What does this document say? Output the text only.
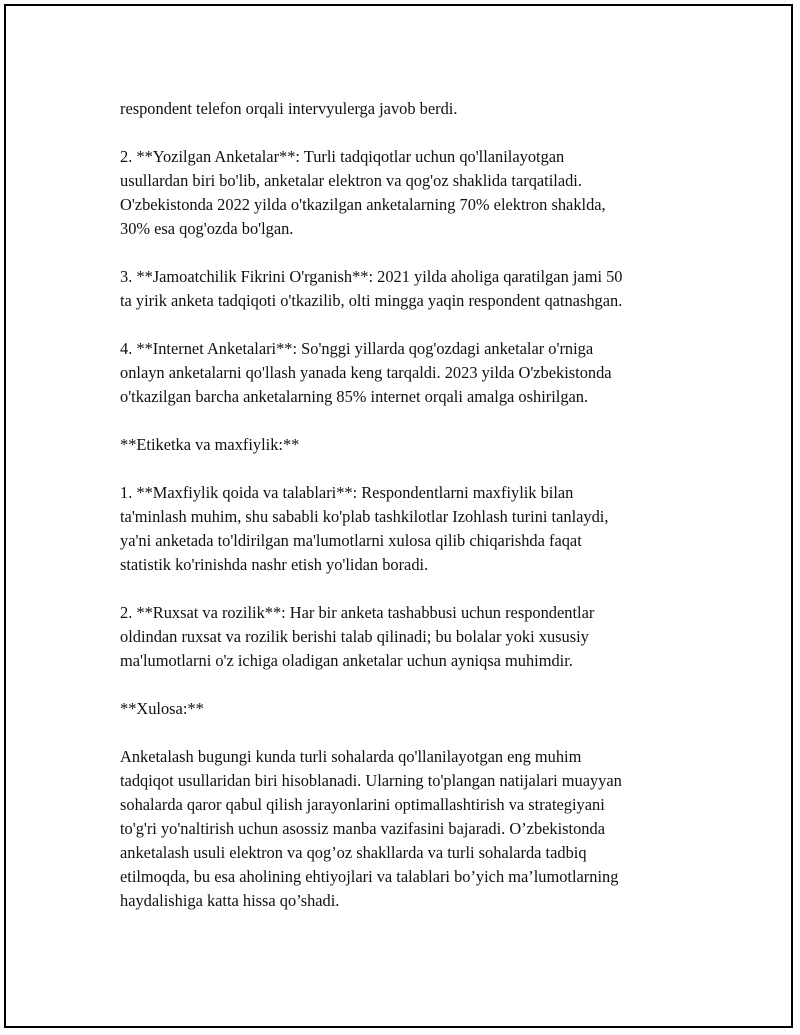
respondent telefon orqali intervyulerga javob berdi.

2. **Yozilgan Anketalar**: Turli tadqiqotlar uchun qo'llanilayotgan
usullardan biri bo'lib, anketalar elektron va qog'oz shaklida tarqatiladi.
O'zbekistonda 2022 yilda o'tkazilgan anketalarning 70% elektron shaklda,
30% esa qog'ozda bo'lgan.

3. **Jamoatchilik Fikrini O'rganish**: 2021 yilda aholiga qaratilgan jami 50
ta yirik anketa tadqiqoti o'tkazilib, olti mingga yaqin respondent qatnashgan.

4. **Internet Anketalari**: So'nggi yillarda qog'ozdagi anketalar o'rniga
onlayn anketalarni qo'llash yanada keng tarqaldi. 2023 yilda O'zbekistonda
o'tkazilgan barcha anketalarning 85% internet orqali amalga oshirilgan.

**Etiketka va maxfiylik:**

1. **Maxfiylik qoida va talablari**: Respondentlarni maxfiylik bilan
ta'minlash muhim, shu sababli ko'plab tashkilotlar Izohlash turini tanlaydi,
ya'ni anketada to'ldirilgan ma'lumotlarni xulosa qilib chiqarishda faqat
statistik ko'rinishda nashr etish yo'lidan boradi.

2. **Ruxsat va rozilik**: Har bir anketa tashabbusi uchun respondentlar
oldindan ruxsat va rozilik berishi talab qilinadi; bu bolalar yoki xususiy
ma'lumotlarni o'z ichiga oladigan anketalar uchun ayniqsa muhimdir.

**Xulosa:**

Anketalash bugungi kunda turli sohalarda qo'llanilayotgan eng muhim
tadqiqot usullaridan biri hisoblanadi. Ularning to'plangan natijalari muayyan
sohalarda qaror qabul qilish jarayonlarini optimallashtirish va strategiyani
to'g'ri yo'naltirish uchun asossiz manba vazifasini bajaradi. O’zbekistonda
anketalash usuli elektron va qog’oz shakllarda va turli sohalarda tadbiq
etilmoqda, bu esa aholining ehtiyojlari va talablari bo’yich ma’lumotlarning
haydalishiga katta hissa qo’shadi.
